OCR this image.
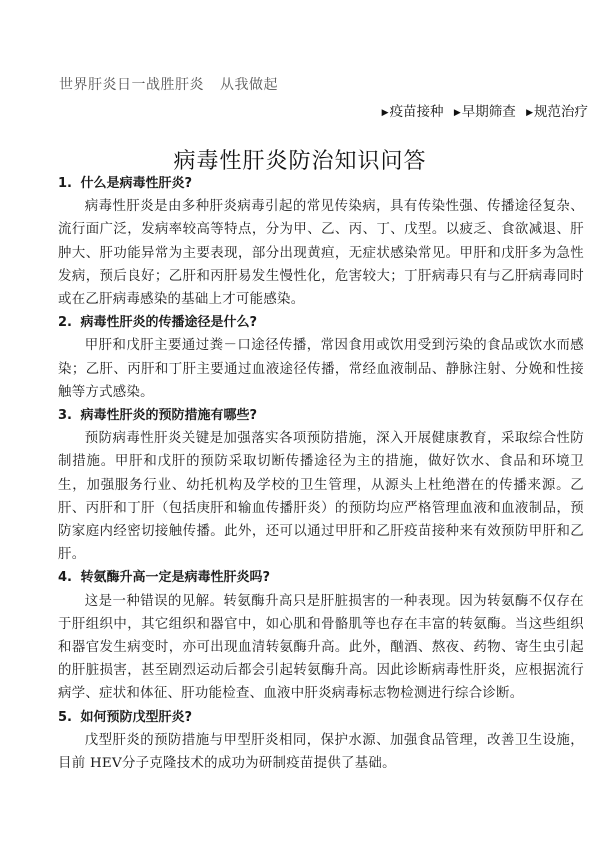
世界肝炎日一战胜肝炎 从我做起
▶疫苗接种 ▶早期筛查 ▶规范治疗
病毒性肝炎防治知识问答

1. 什么是病毒性肝炎?

病毒性肝炎是由多种肝炎病毒引起的常见传染病，具有传染性强、传播途径复杂、流行面广泛，发病率较高等特点，分为甲、乙、丙、丁、戊型。以疲乏、食欲减退、肝肿大、肝功能异常为主要表现，部分出现黄疸，无症状感染常见。甲肝和戊肝多为急性发病，预后良好；乙肝和丙肝易发生慢性化，危害较大；丁肝病毒只有与乙肝病毒同时或在乙肝病毒感染的基础上才可能感染。

2. 病毒性肝炎的传播途径是什么?

甲肝和戊肝主要通过粪－口途径传播，常因食用或饮用受到污染的食品或饮水而感染；乙肝、丙肝和丁肝主要通过血液途径传播，常经血液制品、静脉注射、分娩和性接触等方式感染。

3. 病毒性肝炎的预防措施有哪些?

预防病毒性肝炎关键是加强落实各项预防措施，深入开展健康教育，采取综合性防制措施。甲肝和戊肝的预防采取切断传播途径为主的措施，做好饮水、食品和环境卫生，加强服务行业、幼托机构及学校的卫生管理，从源头上杜绝潜在的传播来源。乙肝、丙肝和丁肝（包括庚肝和输血传播肝炎）的预防均应严格管理血液和血液制品，预防家庭内经密切接触传播。此外，还可以通过甲肝和乙肝疫苗接种来有效预防甲肝和乙肝。

4. 转氨酶升高一定是病毒性肝炎吗?

这是一种错误的见解。转氨酶升高只是肝脏损害的一种表现。因为转氨酶不仅存在于肝组织中，其它组织和器官中，如心肌和骨骼肌等也存在丰富的转氨酶。当这些组织和器官发生病变时，亦可出现血清转氨酶升高。此外，酗酒、熬夜、药物、寄生虫引起的肝脏损害，甚至剧烈运动后都会引起转氨酶升高。因此诊断病毒性肝炎，应根据流行病学、症状和体征、肝功能检查、血液中肝炎病毒标志物检测进行综合诊断。

5. 如何预防戊型肝炎?

戊型肝炎的预防措施与甲型肝炎相同，保护水源、加强食品管理，改善卫生设施，目前 HEV分子克隆技术的成功为研制疫苗提供了基础。
